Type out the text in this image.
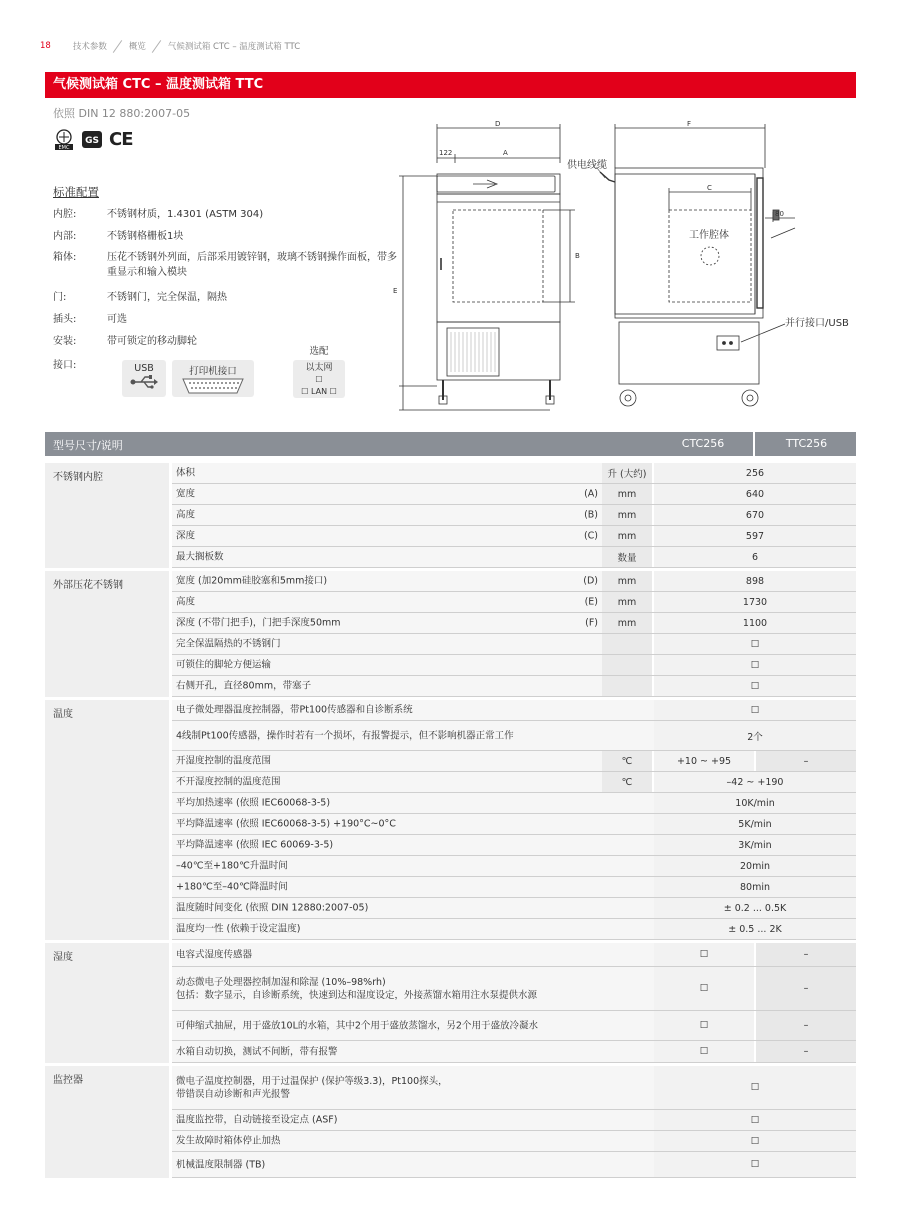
18	技术参数	概览	气候测试箱 CTC – 温度测试箱 TTC
气候测试箱 CTC – 温度测试箱 TTC
依照 DIN 12 880:2007-05
EMC
GS CE
标准配置
内腔:	不锈钢材质，1.4301 (ASTM 304)
内部:	不锈钢格栅板1块
箱体:	压花不锈钢外列面，后部采用镀锌钢，玻璃不锈钢操作面板，带多重显示和输入模块
门:	不锈钢门，完全保温，隔热
插头:	可选
安装:	带可锁定的移动脚轮
接口:	USB	打印机接口
选配
以太网
☐
☐ LAN ☐
D
122	A
B
E
F
C
80
供电线缆
工作腔体
并行接口/USB
型号尺寸/说明	CTC256	TTC256
不锈钢内腔	体积	升 (大约)	256
宽度	(A)	mm	640
高度	(B)	mm	670
深度	(C)	mm	597
最大搁板数	数量	6
外部压花不锈钢	宽度 (加20mm硅胶塞和5mm接口)	(D)	mm	898
高度	(E)	mm	1730
深度 (不带门把手)，门把手深度50mm	(F)	mm	1100
完全保温隔热的不锈钢门	☐
可锁住的脚轮方便运输	☐
右侧开孔，直径80mm，带塞子	☐
温度	电子微处理器温度控制器，带Pt100传感器和自诊断系统	☐
4线制Pt100传感器，操作时若有一个损坏，有报警提示，但不影响机器正常工作	2个
开湿度控制的温度范围	℃	+10 ~ +95	–
不开湿度控制的温度范围	℃	–42 ~ +190
平均加热速率 (依照 IEC60068-3-5)	10K/min
平均降温速率 (依照 IEC60068-3-5) +190°C~0°C	5K/min
平均降温速率 (依照 IEC 60069-3-5)	3K/min
–40℃至+180℃升温时间	20min
+180℃至–40℃降温时间	80min
温度随时间变化 (依照 DIN 12880:2007-05)	± 0.2 ... 0.5K
温度均一性 (依赖于设定温度)	± 0.5 ... 2K
湿度	电容式湿度传感器	☐	–
动态微电子处理器控制加湿和除湿 (10%–98%rh)
包括：数字显示，自诊断系统，快速到达和湿度设定，外接蒸馏水箱用注水泵提供水源
☐	–
可伸缩式抽屉，用于盛放10L的水箱，其中2个用于盛放蒸馏水，另2个用于盛放冷凝水	☐	–
水箱自动切换，测试不间断，带有报警	☐	–
监控器	微电子温度控制器，用于过温保护 (保护等级3.3)，Pt100探头，
带错误自动诊断和声光报警
☐
温度监控带，自动链接至设定点 (ASF)	☐
发生故障时箱体停止加热	☐
机械温度限制器 (TB)	☐
